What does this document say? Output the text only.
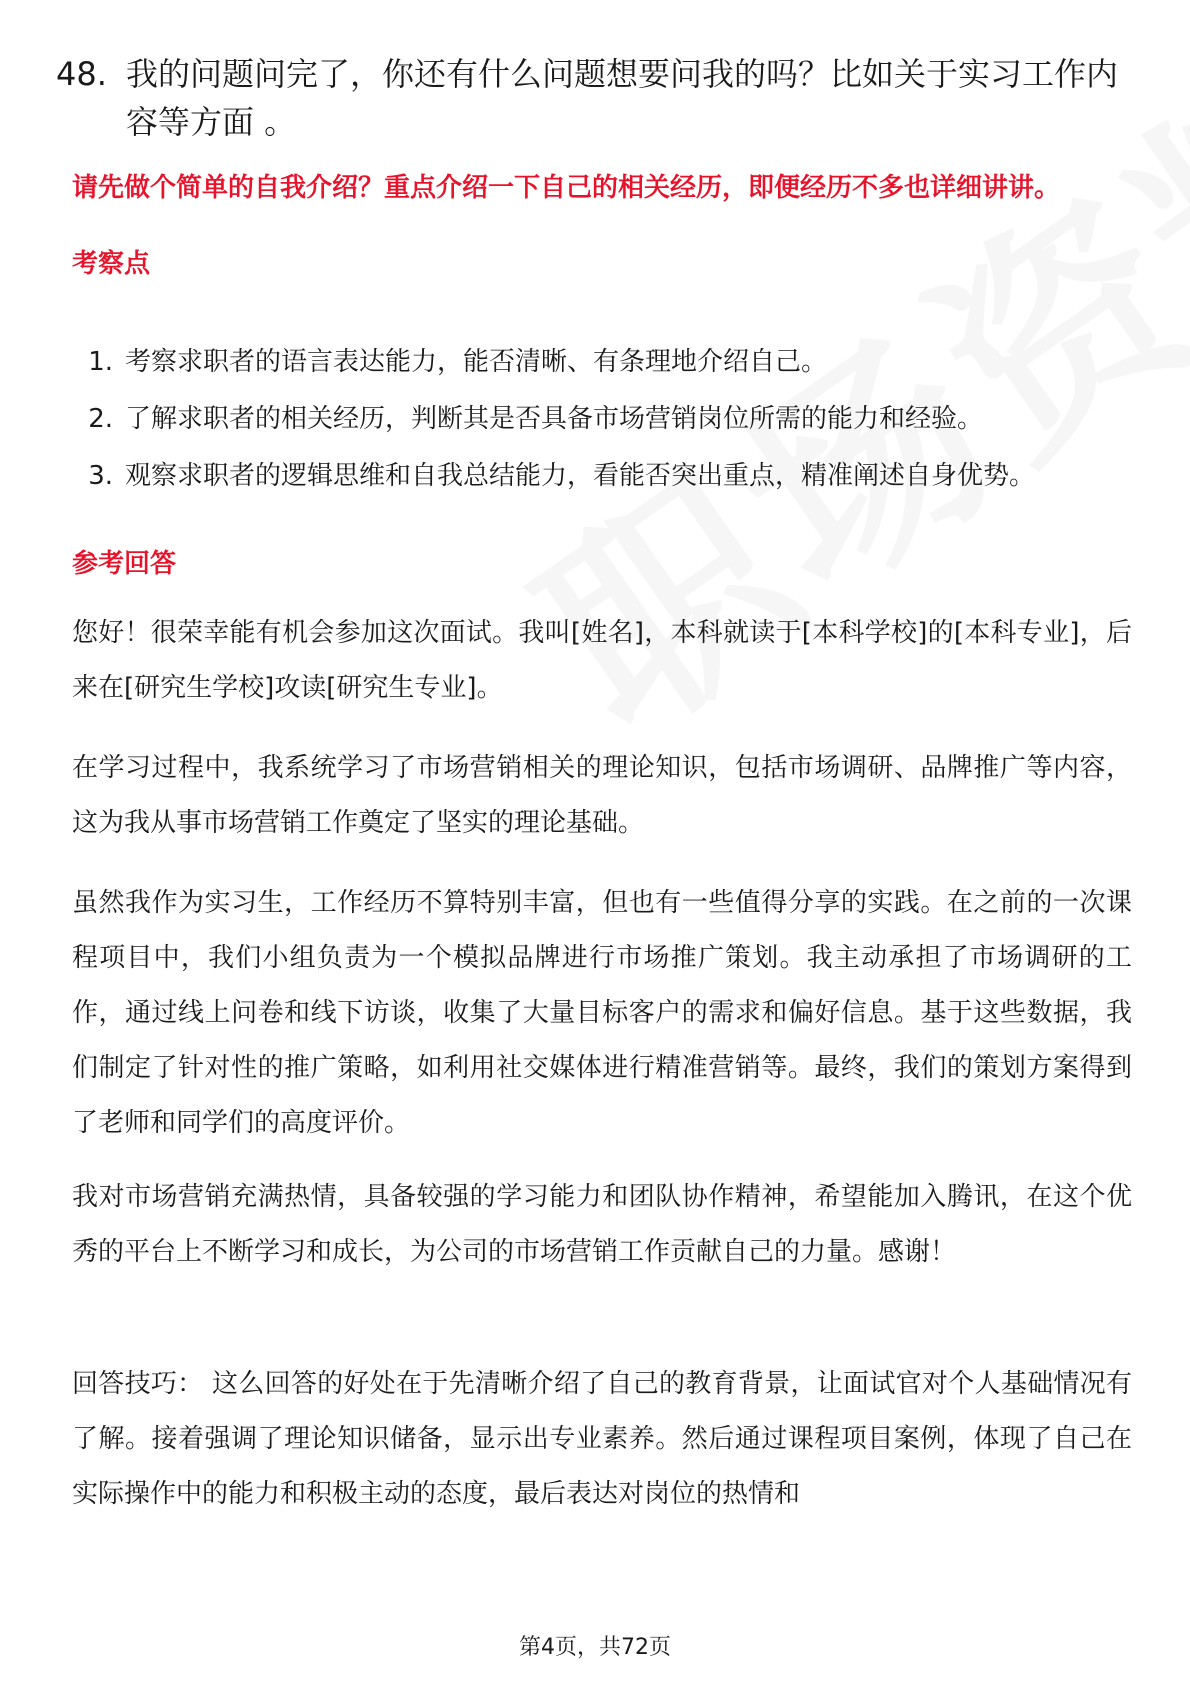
48. 我的问题问完了，你还有什么问题想要问我的吗？比如关于实习工作内容等方面 。
请先做个简单的自我介绍？重点介绍一下自己的相关经历，即便经历不多也详细讲讲。
考察点
1. 考察求职者的语言表达能力，能否清晰、有条理地介绍自己。
2. 了解求职者的相关经历，判断其是否具备市场营销岗位所需的能力和经验。
3. 观察求职者的逻辑思维和自我总结能力，看能否突出重点，精准阐述自身优势。
参考回答

您好！很荣幸能有机会参加这次面试。我叫[姓名]，本科就读于[本科学校]的[本科专业]，后来在[研究生学校]攻读[研究生专业]。

在学习过程中，我系统学习了市场营销相关的理论知识，包括市场调研、品牌推广等内容，这为我从事市场营销工作奠定了坚实的理论基础。

虽然我作为实习生，工作经历不算特别丰富，但也有一些值得分享的实践。在之前的一次课程项目中，我们小组负责为一个模拟品牌进行市场推广策划。我主动承担了市场调研的工作，通过线上问卷和线下访谈，收集了大量目标客户的需求和偏好信息。基于这些数据，我们制定了针对性的推广策略，如利用社交媒体进行精准营销等。最终，我们的策划方案得到了老师和同学们的高度评价。

我对市场营销充满热情，具备较强的学习能力和团队协作精神，希望能加入腾讯，在这个优秀的平台上不断学习和成长，为公司的市场营销工作贡献自己的力量。感谢！

回答技巧： 这么回答的好处在于先清晰介绍了自己的教育背景，让面试官对个人基础情况有了解。接着强调了理论知识储备，显示出专业素养。然后通过课程项目案例，体现了自己在实际操作中的能力和积极主动的态度，最后表达对岗位的热情和

第4页，共72页
